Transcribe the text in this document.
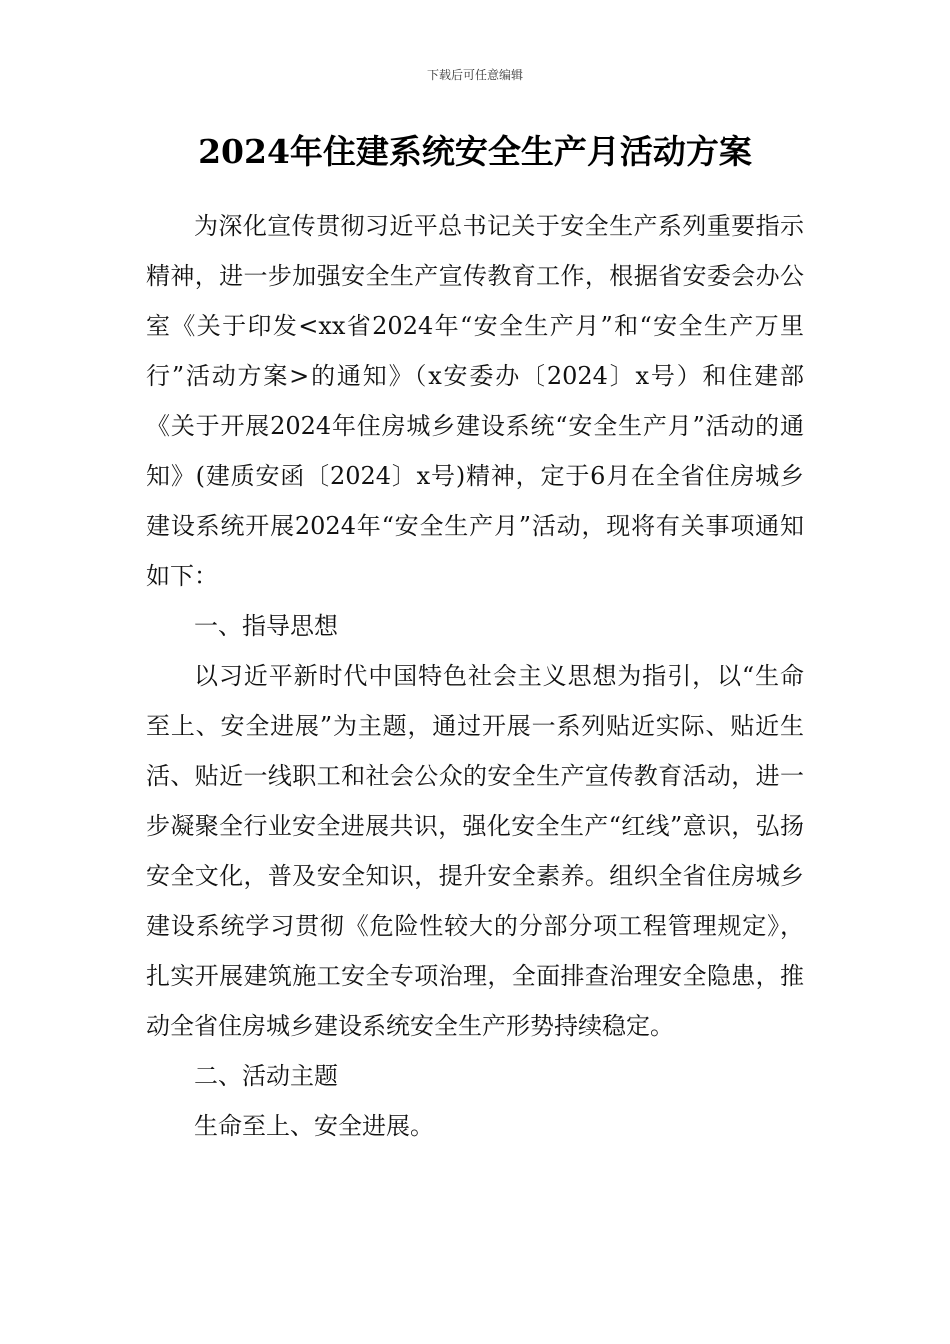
下载后可任意编辑
2024年住建系统安全生产月活动方案

为深化宣传贯彻习近平总书记关于安全生产系列重要指示精神，进一步加强安全生产宣传教育工作，根据省安委会办公室《关于印发<xx省2024年“安全生产月”和“安全生产万里行”活动方案>的通知》（x安委办〔2024〕x号）和住建部《关于开展2024年住房城乡建设系统“安全生产月”活动的通知》(建质安函〔2024〕x号)精神，定于6月在全省住房城乡建设系统开展2024年“安全生产月”活动，现将有关事项通知如下：

一、指导思想

以习近平新时代中国特色社会主义思想为指引，以“生命至上、安全进展”为主题，通过开展一系列贴近实际、贴近生活、贴近一线职工和社会公众的安全生产宣传教育活动，进一步凝聚全行业安全进展共识，强化安全生产“红线”意识，弘扬安全文化，普及安全知识，提升安全素养。组织全省住房城乡建设系统学习贯彻《危险性较大的分部分项工程管理规定》，扎实开展建筑施工安全专项治理，全面排查治理安全隐患，推动全省住房城乡建设系统安全生产形势持续稳定。

二、活动主题

生命至上、安全进展。
